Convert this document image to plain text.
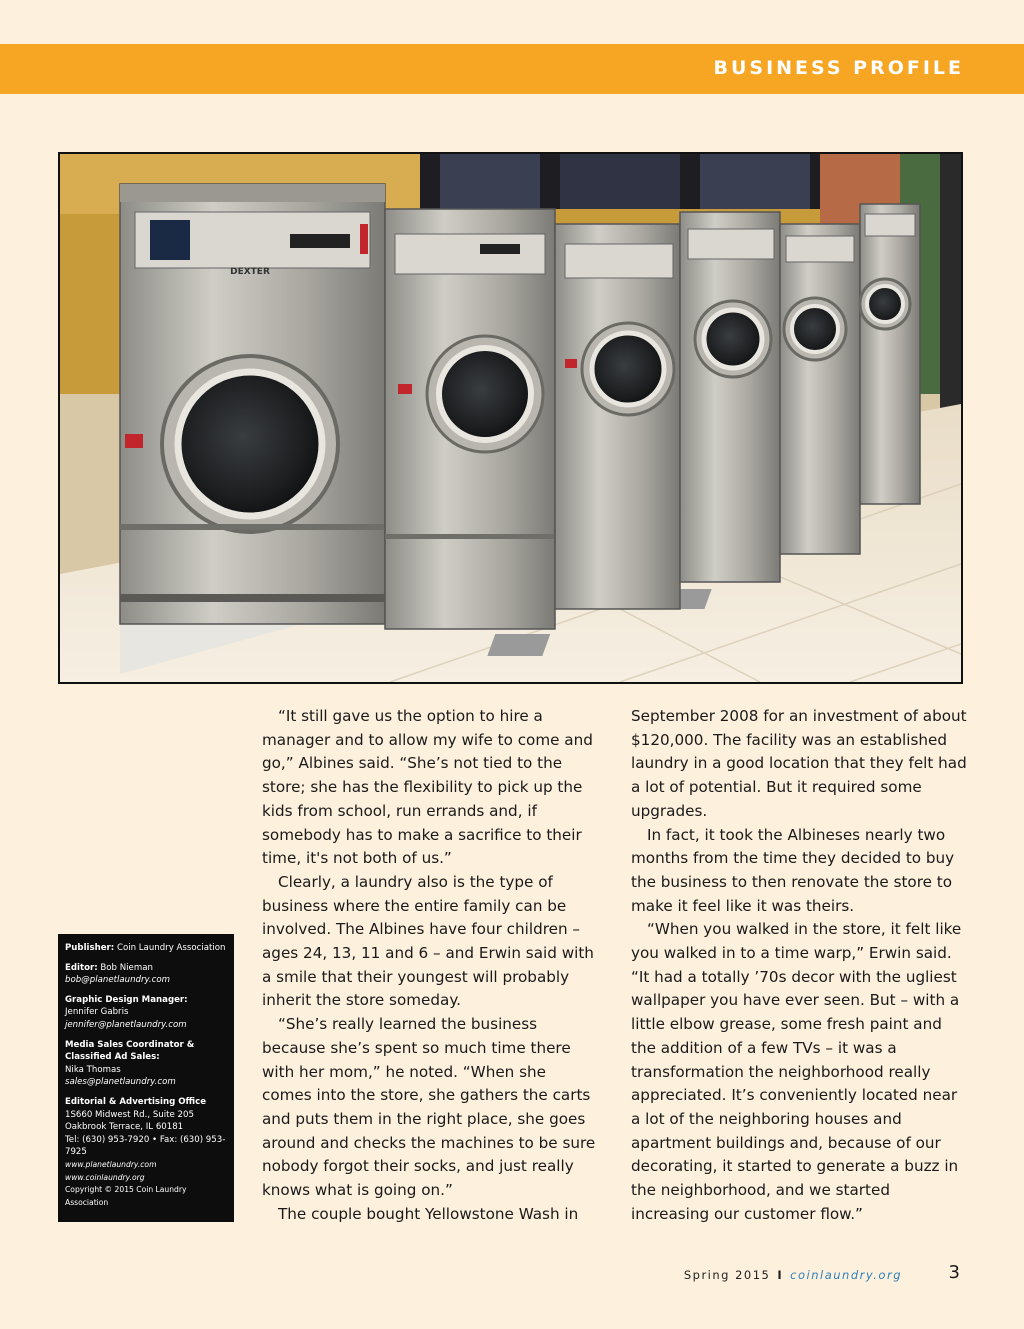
BUSINESS PROFILE
DEXTER

“It still gave us the option to hire a manager and to allow my wife to come and go,” Albines said. “She’s not tied to the store; she has the flexibility to pick up the kids from school, run errands and, if somebody has to make a sacrifice to their time, it's not both of us.”

Clearly, a laundry also is the type of business where the entire family can be involved. The Albines have four children – ages 24, 13, 11 and 6 – and Erwin said with a smile that their youngest will probably inherit the store someday.

“She’s really learned the business because she’s spent so much time there with her mom,” he noted. “When she comes into the store, she gathers the carts and puts them in the right place, she goes around and checks the machines to be sure nobody forgot their socks, and just really knows what is going on.”

The couple bought Yellowstone Wash in

September 2008 for an investment of about $120,000. The facility was an established laundry in a good location that they felt had a lot of potential. But it required some upgrades.

In fact, it took the Albineses nearly two months from the time they decided to buy the business to then renovate the store to make it feel like it was theirs.

“When you walked in the store, it felt like you walked in to a time warp,” Erwin said. “It had a totally ’70s decor with the ugliest wallpaper you have ever seen. But – with a little elbow grease, some fresh paint and the addition of a few TVs – it was a transformation the neighborhood really appreciated. It’s conveniently located near a lot of the neighboring houses and apartment buildings and, because of our decorating, it started to generate a buzz in the neighborhood, and we started increasing our customer flow.”

Publisher: Coin Laundry Association
Editor: Bob Nieman
bob@planetlaundry.com
Graphic Design Manager:
Jennifer Gabris
jennifer@planetlaundry.com
Media Sales Coordinator &
Classified Ad Sales:
Nika Thomas
sales@planetlaundry.com
Editorial & Advertising Office
1S660 Midwest Rd., Suite 205
Oakbrook Terrace, IL 60181
Tel: (630) 953-7920 • Fax: (630) 953-7925
www.planetlaundry.com
www.coinlaundry.org
Copyright © 2015 Coin Laundry Association
Spring 2015 I coinlaundry.org	3
